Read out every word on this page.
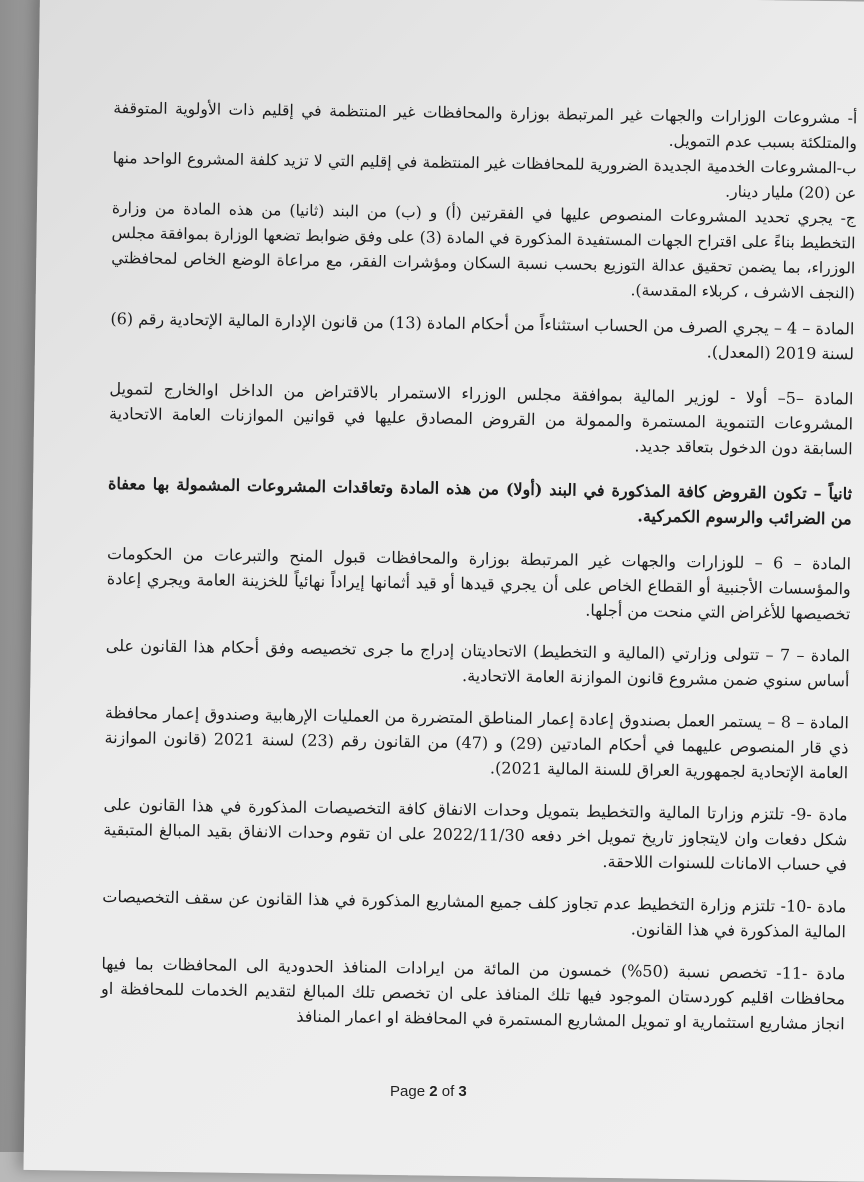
أ- مشروعات الوزارات والجهات غير المرتبطة بوزارة والمحافظات غير المنتظمة في إقليم ذات الأولوية المتوقفة والمتلكئة بسبب عدم التمويل.

ب-المشروعات الخدمية الجديدة الضرورية للمحافظات غير المنتظمة في إقليم التي لا تزيد كلفة المشروع الواحد منها عن (20) مليار دينار.

ج- يجري تحديد المشروعات المنصوص عليها في الفقرتين (أ) و (ب) من البند (ثانيا) من هذه المادة من وزارة التخطيط بناءً على اقتراح الجهات المستفيدة المذكورة في المادة (3) على وفق ضوابط تضعها الوزارة بموافقة مجلس الوزراء، بما يضمن تحقيق عدالة التوزيع بحسب نسبة السكان ومؤشرات الفقر، مع مراعاة الوضع الخاص لمحافظتي (النجف الاشرف ، كربلاء المقدسة).

المادة – 4 – يجري الصرف من الحساب استثناءاً من أحكام المادة (13) من قانون الإدارة المالية الإتحادية رقم (6) لسنة 2019 (المعدل).

المادة –5– أولا - لوزير المالية بموافقة مجلس الوزراء الاستمرار بالاقتراض من الداخل اوالخارج لتمويل المشروعات التنموية المستمرة والممولة من القروض المصادق عليها في قوانين الموازنات العامة الاتحادية السابقة دون الدخول بتعاقد جديد.

ثانياً – تكون القروض كافة المذكورة في البند (أولا) من هذه المادة وتعاقدات المشروعات المشمولة بها معفاة من الضرائب والرسوم الكمركية.

المادة – 6 – للوزارات والجهات غير المرتبطة بوزارة والمحافظات قبول المنح والتبرعات من الحكومات والمؤسسات الأجنبية أو القطاع الخاص على أن يجري قيدها أو قيد أثمانها إيراداً نهائياً للخزينة العامة ويجري إعادة تخصيصها للأغراض التي منحت من أجلها.

المادة – 7 – تتولى وزارتي (المالية و التخطيط) الاتحاديتان إدراج ما جرى تخصيصه وفق أحكام هذا القانون على أساس سنوي ضمن مشروع قانون الموازنة العامة الاتحادية.

المادة – 8 – يستمر العمل بصندوق إعادة إعمار المناطق المتضررة من العمليات الإرهابية وصندوق إعمار محافظة ذي قار المنصوص عليهما في أحكام المادتين (29) و (47) من القانون رقم (23) لسنة 2021 (قانون الموازنة العامة الإتحادية لجمهورية العراق للسنة المالية 2021).

مادة -9- تلتزم وزارتا المالية والتخطيط بتمويل وحدات الانفاق كافة التخصيصات المذكورة في هذا القانون على شكل دفعات وان لايتجاوز تاريخ تمويل اخر دفعه 2022/11/30 على ان تقوم وحدات الانفاق بقيد المبالغ المتبقية في حساب الامانات للسنوات اللاحقة.

مادة -10- تلتزم وزارة التخطيط عدم تجاوز كلف جميع المشاريع المذكورة في هذا القانون عن سقف التخصيصات المالية المذكورة في هذا القانون.

مادة -11- تخصص نسبة (50%) خمسون من المائة من ايرادات المنافذ الحدودية الى المحافظات بما فيها محافظات اقليم كوردستان الموجود فيها تلك المنافذ على ان تخصص تلك المبالغ لتقديم الخدمات للمحافظة او انجاز مشاريع استثمارية او تمويل المشاريع المستمرة في المحافظة او اعمار المنافذ

Page 2 of 3
